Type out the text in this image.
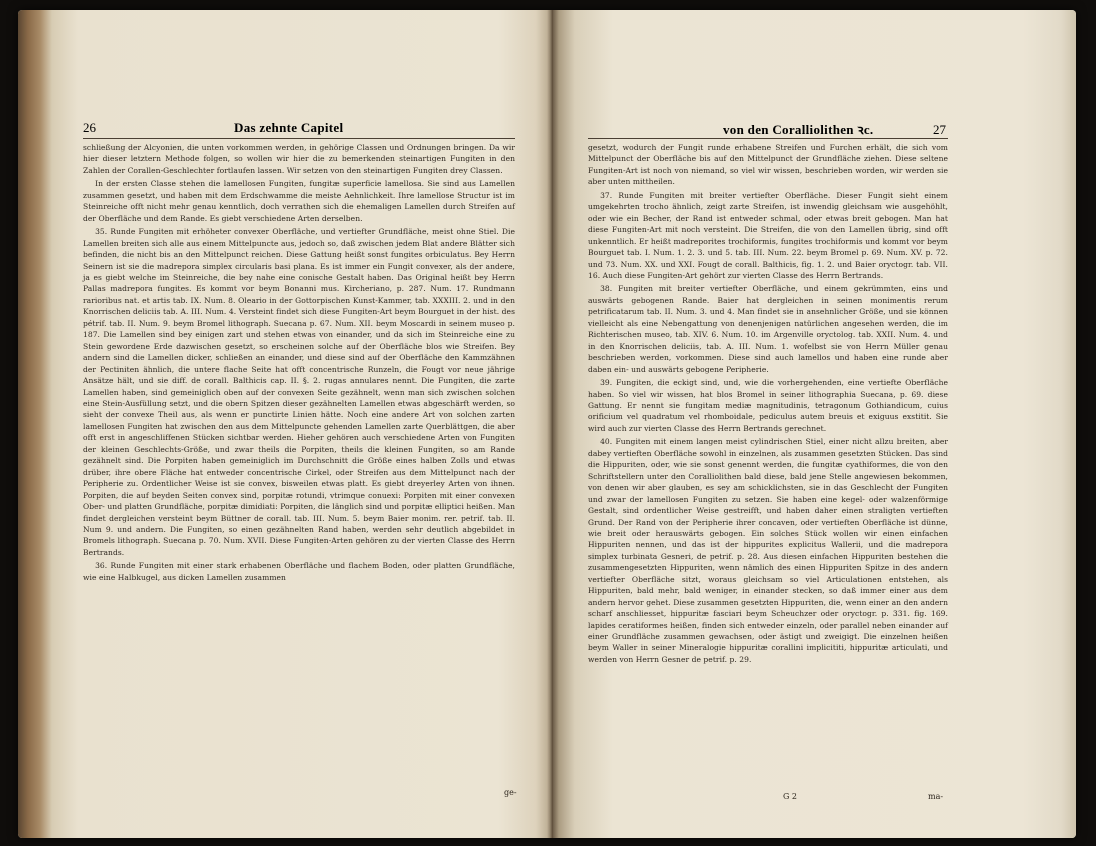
26	Das zehnte Capitel

schließung der Alcyonien, die unten vorkommen werden, in gehörige Classen und Ordnungen bringen. Da wir hier dieser letztern Methode folgen, so wollen wir hier die zu bemerkenden steinartigen Fungiten in den Zahlen der Corallen-Geschlechter fortlaufen lassen. Wir setzen von den steinartigen Fungiten drey Classen.

In der ersten Classe stehen die lamellosen Fungiten, fungitæ superficie lamellosa. Sie sind aus Lamellen zusammen gesetzt, und haben mit dem Erdschwamme die meiste Aehnlichkeit. Ihre lamellose Structur ist im Steinreiche offt nicht mehr genau kenntlich, doch verrathen sich die ehemaligen Lamellen durch Streifen auf der Oberfläche und dem Rande. Es giebt verschiedene Arten derselben.

35. Runde Fungiten mit erhöheter convexer Oberfläche, und vertiefter Grundfläche, meist ohne Stiel. Die Lamellen breiten sich alle aus einem Mittelpuncte aus, jedoch so, daß zwischen jedem Blat andere Blätter sich befinden, die nicht bis an den Mittelpunct reichen. Diese Gattung heißt sonst fungites orbiculatus. Bey Herrn Seinern ist sie die madrepora simplex circularis basi plana. Es ist immer ein Fungit convexer, als der andere, ja es giebt welche im Steinreiche, die bey nahe eine conische Gestalt haben. Das Original heißt bey Herrn Pallas madrepora fungites. Es kommt vor beym Bonanni mus. Kircheriano, p. 287. Num. 17. Rundmann rarioribus nat. et artis tab. IX. Num. 8. Oleario in der Gottorpischen Kunst-Kammer, tab. XXXIII. 2. und in den Knorrischen deliciis tab. A. III. Num. 4. Versteint findet sich diese Fungiten-Art beym Bourguet in der hist. des pétrif. tab. II. Num. 9. beym Bromel lithograph. Suecana p. 67. Num. XII. beym Moscardi in seinem museo p. 187. Die Lamellen sind bey einigen zart und stehen etwas von einander, und da sich im Steinreiche eine zu Stein gewordene Erde dazwischen gesetzt, so erscheinen solche auf der Oberfläche blos wie Streifen. Bey andern sind die Lamellen dicker, schließen an einander, und diese sind auf der Oberfläche den Kammzähnen der Pectiniten ähnlich, die untere flache Seite hat offt concentrische Runzeln, die Fougt vor neue jährige Ansätze hält, und sie diff. de corall. Balthicis cap. II. §. 2. rugas annulares nennt. Die Fungiten, die zarte Lamellen haben, sind gemeiniglich oben auf der convexen Seite gezähnelt, wenn man sich zwischen solchen eine Stein-Ausfüllung setzt, und die obern Spitzen dieser gezähnelten Lamellen etwas abgeschärft werden, so sieht der convexe Theil aus, als wenn er punctirte Linien hätte. Noch eine andere Art von solchen zarten lamellosen Fungiten hat zwischen den aus dem Mittelpuncte gehenden Lamellen zarte Querblättgen, die aber offt erst in angeschliffenen Stücken sichtbar werden. Hieher gehören auch verschiedene Arten von Fungiten der kleinen Geschlechts-Größe, und zwar theils die Porpiten, theils die kleinen Fungiten, so am Rande gezähnelt sind. Die Porpiten haben gemeiniglich im Durchschnitt die Größe eines halben Zolls und etwas drüber, ihre obere Fläche hat entweder concentrische Cirkel, oder Streifen aus dem Mittelpunct nach der Peripherie zu. Ordentlicher Weise ist sie convex, bisweilen etwas platt. Es giebt dreyerley Arten von ihnen. Porpiten, die auf beyden Seiten convex sind, porpitæ rotundi, vtrimque conuexi: Porpiten mit einer convexen Ober- und platten Grundfläche, porpitæ dimidiati: Porpiten, die länglich sind und porpitæ elliptici heißen. Man findet dergleichen versteint beym Büttner de corall. tab. III. Num. 5. beym Baier monim. rer. petrif. tab. II. Num 9. und andern. Die Fungiten, so einen gezähnelten Rand haben, werden sehr deutlich abgebildet in Bromels lithograph. Suecana p. 70. Num. XVII. Diese Fungiten-Arten gehören zu der vierten Classe des Herrn Bertrands.

36. Runde Fungiten mit einer stark erhabenen Oberfläche und flachem Boden, oder platten Grundfläche, wie eine Halbkugel, aus dicken Lamellen zusammen

ge-
von den Coralliolithen ꝛc.	27

gesetzt, wodurch der Fungit runde erhabene Streifen und Furchen erhält, die sich vom Mittelpunct der Oberfläche bis auf den Mittelpunct der Grundfläche ziehen. Diese seltene Fungiten-Art ist noch von niemand, so viel wir wissen, beschrieben worden, wir werden sie aber unten mittheilen.

37. Runde Fungiten mit breiter vertiefter Oberfläche. Dieser Fungit sieht einem umgekehrten trocho ähnlich, zeigt zarte Streifen, ist inwendig gleichsam wie ausgehöhlt, oder wie ein Becher, der Rand ist entweder schmal, oder etwas breit gebogen. Man hat diese Fungiten-Art mit noch versteint. Die Streifen, die von den Lamellen übrig, sind offt unkenntlich. Er heißt madreporites trochiformis, fungites trochiformis und kommt vor beym Bourguet tab. I. Num. 1. 2. 3. und 5. tab. III. Num. 22. beym Bromel p. 69. Num. XV. p. 72. und 73. Num. XX. und XXI. Fougt de corall. Balthicis, fig. 1. 2. und Baier oryctogr. tab. VII. 16. Auch diese Fungiten-Art gehört zur vierten Classe des Herrn Bertrands.

38. Fungiten mit breiter vertiefter Oberfläche, und einem gekrümmten, eins und auswärts gebogenen Rande. Baier hat dergleichen in seinen monimentis rerum petrificatarum tab. II. Num. 3. und 4. Man findet sie in ansehnlicher Größe, und sie können vielleicht als eine Nebengattung von denenjenigen natürlichen angesehen werden, die im Richterischen museo, tab. XIV. 6. Num. 10. im Argenville oryctolog. tab. XXII. Num. 4. und in den Knorrischen deliciis, tab. A. III. Num. 1. wofelbst sie von Herrn Müller genau beschrieben werden, vorkommen. Diese sind auch lamellos und haben eine runde aber daben ein- und auswärts gebogene Peripherie.

39. Fungiten, die eckigt sind, und, wie die vorhergehenden, eine vertiefte Oberfläche haben. So viel wir wissen, hat blos Bromel in seiner lithographia Suecana, p. 69. diese Gattung. Er nennt sie fungitam mediæ magnitudinis, tetragonum Gothiandicum, cuius orificium vel quadratum vel rhomboidale, pediculus autem breuis et exiguus exstitit. Sie wird auch zur vierten Classe des Herrn Bertrands gerechnet.

40. Fungiten mit einem langen meist cylindrischen Stiel, einer nicht allzu breiten, aber dabey vertieften Oberfläche sowohl in einzelnen, als zusammen gesetzten Stücken. Das sind die Hippuriten, oder, wie sie sonst genennt werden, die fungitæ cyathiformes, die von den Schriftstellern unter den Coralliolithen bald diese, bald jene Stelle angewiesen bekommen, von denen wir aber glauben, es sey am schicklichsten, sie in das Geschlecht der Fungiten und zwar der lamellosen Fungiten zu setzen. Sie haben eine kegel- oder walzenförmige Gestalt, sind ordentlicher Weise gestreifft, und haben daher einen straligten vertieften Grund. Der Rand von der Peripherie ihrer concaven, oder vertieften Oberfläche ist dünne, wie breit oder herauswärts gebogen. Ein solches Stück wollen wir einen einfachen Hippuriten nennen, und das ist der hippurites explicitus Wallerii, und die madrepora simplex turbinata Gesneri, de petrif. p. 28. Aus diesen einfachen Hippuriten bestehen die zusammengesetzten Hippuriten, wenn nämlich des einen Hippuriten Spitze in des andern vertiefter Oberfläche sitzt, woraus gleichsam so viel Articulationen entstehen, als Hippuriten, bald mehr, bald weniger, in einander stecken, so daß immer einer aus dem andern hervor gehet. Diese zusammen gesetzten Hippuriten, die, wenn einer an den andern scharf anschliesset, hippuritæ fasciari beym Scheuchzer oder oryctogr. p. 331. fig. 169. lapides ceratiformes heißen, finden sich entweder einzeln, oder parallel neben einander auf einer Grundfläche zusammen gewachsen, oder ästigt und zweigigt. Die einzelnen heißen beym Waller in seiner Mineralogie hippuritæ corallini implicititi, hippuritæ articulati, und werden von Herrn Gesner de petrif. p. 29.

G 2	ma-
